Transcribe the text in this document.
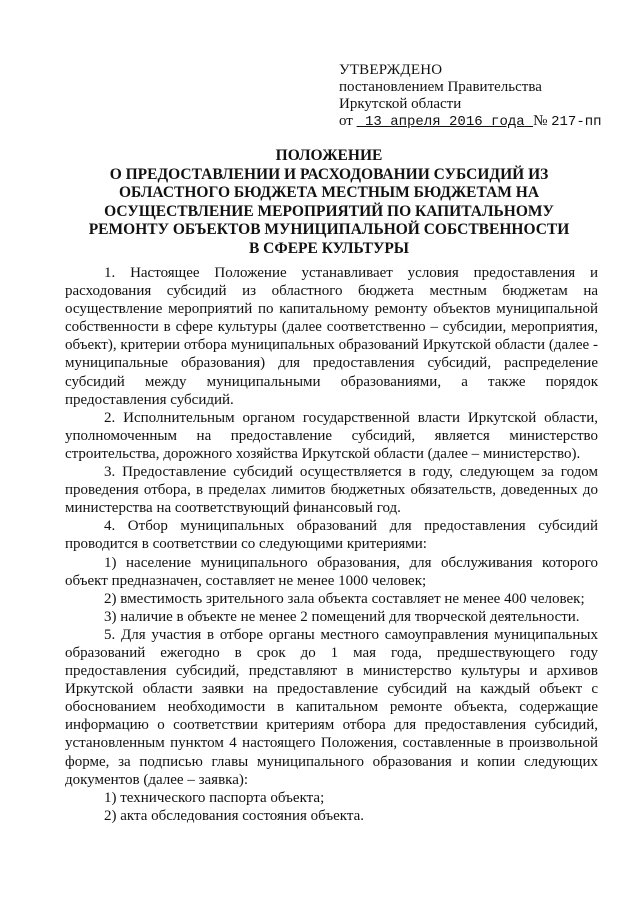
УТВЕРЖДЕНО
постановлением Правительства
Иркутской области
от 13 апреля 2016 года № 217-пп
ПОЛОЖЕНИЕ
О ПРЕДОСТАВЛЕНИИ И РАСХОДОВАНИИ СУБСИДИЙ ИЗ
ОБЛАСТНОГО БЮДЖЕТА МЕСТНЫМ БЮДЖЕТАМ НА
ОСУЩЕСТВЛЕНИЕ МЕРОПРИЯТИЙ ПО КАПИТАЛЬНОМУ
РЕМОНТУ ОБЪЕКТОВ МУНИЦИПАЛЬНОЙ СОБСТВЕННОСТИ
В СФЕРЕ КУЛЬТУРЫ

1. Настоящее Положение устанавливает условия предоставления и расходования субсидий из областного бюджета местным бюджетам на осуществление мероприятий по капитальному ремонту объектов муниципальной собственности в сфере культуры (далее соответственно – субсидии, мероприятия, объект), критерии отбора муниципальных образований Иркутской области (далее - муниципальные образования) для предоставления субсидий, распределение субсидий между муниципальными образованиями, а также порядок предоставления субсидий.

2. Исполнительным органом государственной власти Иркутской области, уполномоченным на предоставление субсидий, является министерство строительства, дорожного хозяйства Иркутской области (далее – министерство).

3. Предоставление субсидий осуществляется в году, следующем за годом проведения отбора, в пределах лимитов бюджетных обязательств, доведенных до министерства на соответствующий финансовый год.

4. Отбор муниципальных образований для предоставления субсидий проводится в соответствии со следующими критериями:

1) население муниципального образования, для обслуживания которого объект предназначен, составляет не менее 1000 человек;

2) вместимость зрительного зала объекта составляет не менее 400 человек;

3) наличие в объекте не менее 2 помещений для творческой деятельности.

5. Для участия в отборе органы местного самоуправления муниципальных образований ежегодно в срок до 1 мая года, предшествующего году предоставления субсидий, представляют в министерство культуры и архивов Иркутской области заявки на предоставление субсидий на каждый объект с обоснованием необходимости в капитальном ремонте объекта, содержащие информацию о соответствии критериям отбора для предоставления субсидий, установленным пунктом 4 настоящего Положения, составленные в произвольной форме, за подписью главы муниципального образования и копии следующих документов (далее – заявка):

1) технического паспорта объекта;

2) акта обследования состояния объекта.
